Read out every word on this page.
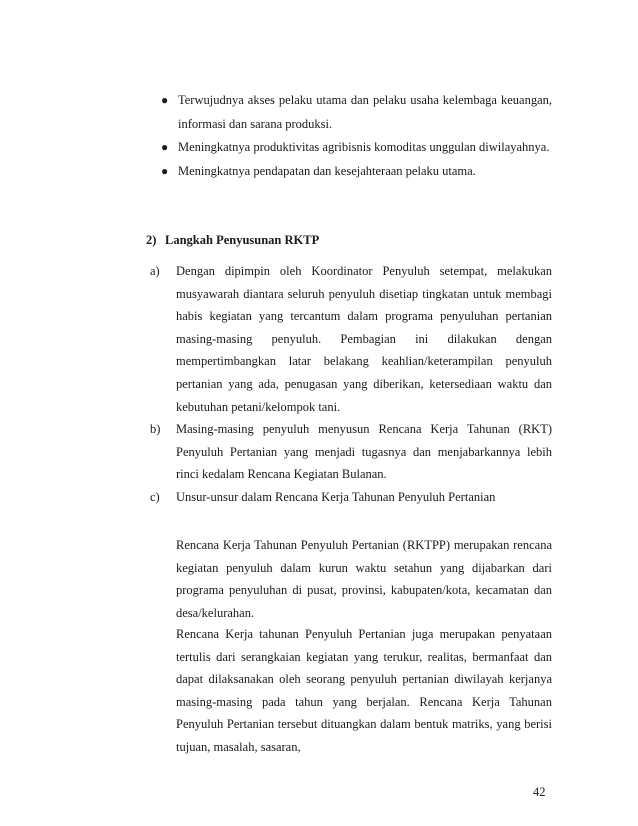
● Terwujudnya akses pelaku utama dan pelaku usaha kelembaga keuangan, informasi dan sarana produksi.
● Meningkatnya produktivitas agribisnis komoditas unggulan diwilayahnya.
● Meningkatnya pendapatan dan kesejahteraan pelaku utama.
2) Langkah Penyusunan RKTP
a) Dengan dipimpin oleh Koordinator Penyuluh setempat, melakukan musyawarah diantara seluruh penyuluh disetiap tingkatan untuk membagi habis kegiatan yang tercantum dalam programa penyuluhan pertanian masing-masing penyuluh. Pembagian ini dilakukan dengan mempertimbangkan latar belakang keahlian/keterampilan penyuluh pertanian yang ada, penugasan yang diberikan, ketersediaan waktu dan kebutuhan petani/kelompok tani.
b) Masing-masing penyuluh menyusun Rencana Kerja Tahunan (RKT) Penyuluh Pertanian yang menjadi tugasnya dan menjabarkannya lebih rinci kedalam Rencana Kegiatan Bulanan.
c) Unsur-unsur dalam Rencana Kerja Tahunan Penyuluh Pertanian

Rencana Kerja Tahunan Penyuluh Pertanian (RKTPP) merupakan rencana kegiatan penyuluh dalam kurun waktu setahun yang dijabarkan dari programa penyuluhan di pusat, provinsi, kabupaten/kota, kecamatan dan desa/kelurahan.

Rencana Kerja tahunan Penyuluh Pertanian juga merupakan penyataan tertulis dari serangkaian kegiatan yang terukur, realitas, bermanfaat dan dapat dilaksanakan oleh seorang penyuluh pertanian diwilayah kerjanya masing-masing pada tahun yang berjalan. Rencana Kerja Tahunan Penyuluh Pertanian tersebut dituangkan dalam bentuk matriks, yang berisi tujuan, masalah, sasaran,

42
